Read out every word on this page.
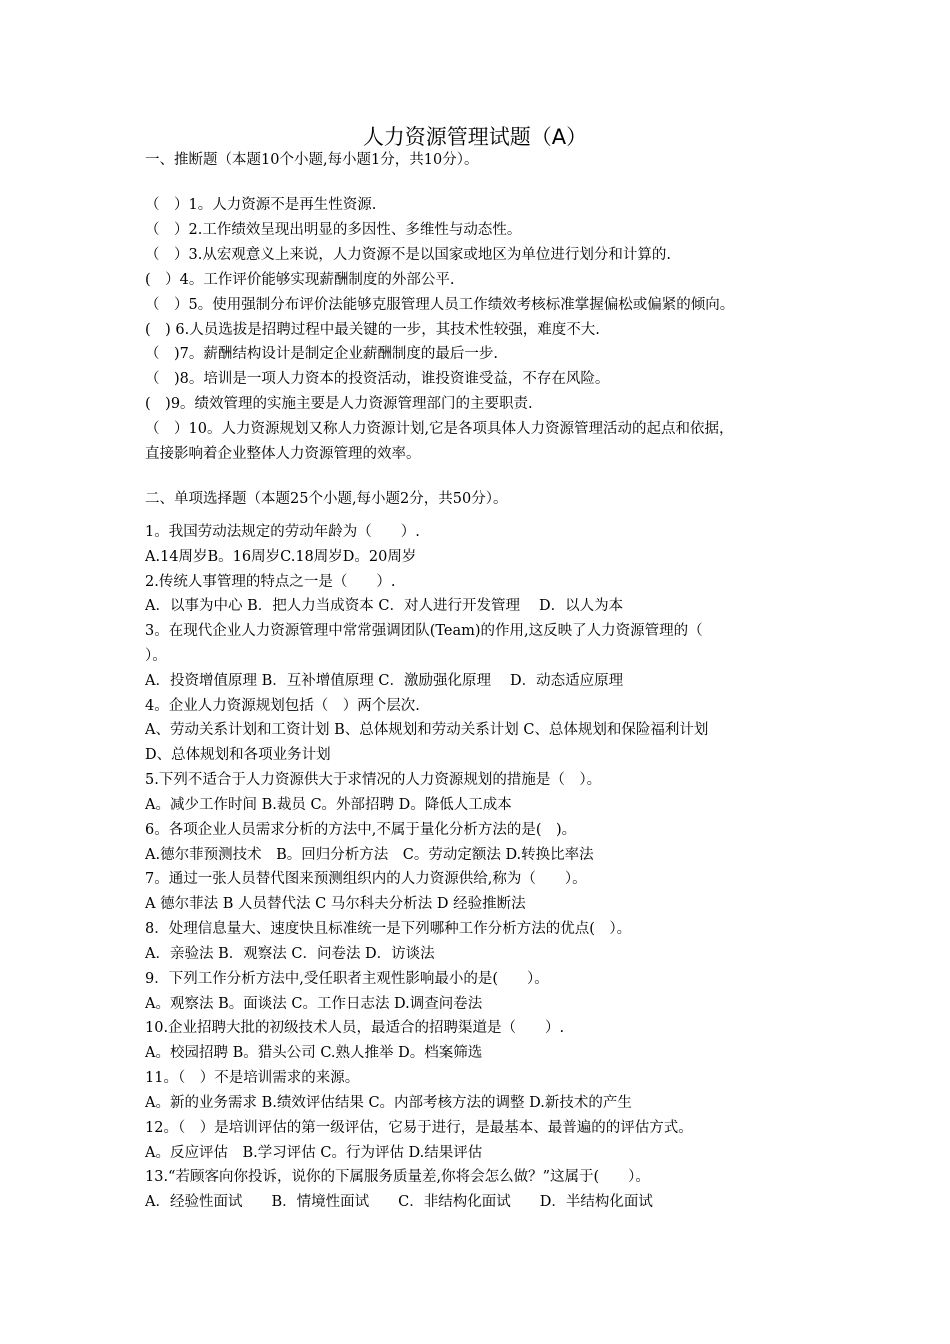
人力资源管理试题（A）
一、推断题（本题10个小题,每小题1分，共10分）。
（　）1。人力资源不是再生性资源.
（　）2.工作绩效呈现出明显的多因性、多维性与动态性。
（　）3.从宏观意义上来说，人力资源不是以国家或地区为单位进行划分和计算的.
(　）4。工作评价能够实现薪酬制度的外部公平.
（　）5。使用强制分布评价法能够克服管理人员工作绩效考核标准掌握偏松或偏紧的倾向。
(　) 6.人员选拔是招聘过程中最关键的一步，其技术性较强，难度不大.
（　)7。薪酬结构设计是制定企业薪酬制度的最后一步.
（　)8。培训是一项人力资本的投资活动，谁投资谁受益，不存在风险。
(　)9。绩效管理的实施主要是人力资源管理部门的主要职责.
（　）10。人力资源规划又称人力资源计划,它是各项具体人力资源管理活动的起点和依据，
直接影响着企业整体人力资源管理的效率。
二、单项选择题（本题25个小题,每小题2分，共50分）。
1。我国劳动法规定的劳动年龄为（　　）.
A.14周岁B。16周岁C.18周岁D。20周岁
2.传统人事管理的特点之一是（　　）.
A．以事为中心 B．把人力当成资本 C．对人进行开发管理　 D．以人为本
3。在现代企业人力资源管理中常常强调团队(Team)的作用,这反映了人力资源管理的（
）。
A．投资增值原理 B．互补增值原理 C．激励强化原理　 D．动态适应原理
4。企业人力资源规划包括（　）两个层次.
A、劳动关系计划和工资计划 B、总体规划和劳动关系计划 C、总体规划和保险福利计划
D、总体规划和各项业务计划
5.下列不适合于人力资源供大于求情况的人力资源规划的措施是（　）。
A。减少工作时间 B.裁员 C。外部招聘 D。降低人工成本
6。各项企业人员需求分析的方法中,不属于量化分析方法的是(　)。
A.德尔菲预测技术　B。回归分析方法　C。劳动定额法 D.转换比率法
7。通过一张人员替代图来预测组织内的人力资源供给,称为（　　）。
A 德尔菲法 B 人员替代法 C 马尔科夫分析法 D 经验推断法
8．处理信息量大、速度快且标准统一是下列哪种工作分析方法的优点(　）。
A．亲验法 B．观察法 C．问卷法 D．访谈法
9．下列工作分析方法中,受任职者主观性影响最小的是(　　）。
A。观察法 B。面谈法 C。工作日志法 D.调查问卷法
10.企业招聘大批的初级技术人员，最适合的招聘渠道是（　　）.
A。校园招聘 B。猎头公司 C.熟人推举 D。档案筛选
11。（　）不是培训需求的来源。
A。新的业务需求 B.绩效评估结果 C。内部考核方法的调整 D.新技术的产生
12。（　）是培训评估的第一级评估，它易于进行，是最基本、最普遍的的评估方式。
A。反应评估　B.学习评估 C。行为评估 D.结果评估
13.“若顾客向你投诉，说你的下属服务质量差,你将会怎么做？”这属于(　　）。
A．经验性面试　　B．情境性面试　　C．非结构化面试　　D．半结构化面试
